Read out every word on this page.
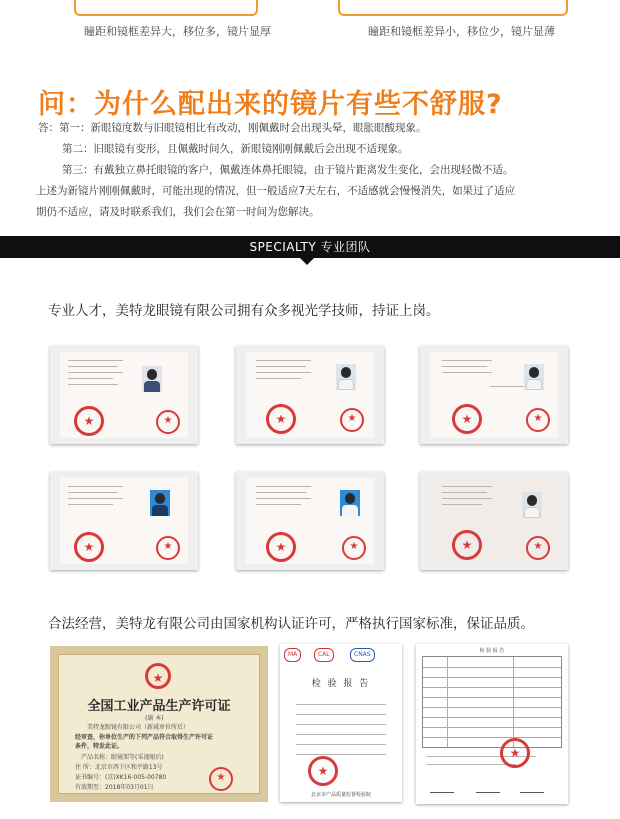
瞳距和镜框差异大，移位多，镜片显厚	瞳距和镜框差异小，移位少，镜片显薄
问：为什么配出来的镜片有些不舒服?
答：第一：新眼镜度数与旧眼镜相比有改动，刚佩戴时会出现头晕，眼胀眼酸现象。
第二：旧眼镜有变形，且佩戴时间久，新眼镜刚刚佩戴后会出现不适现象。
第三：有戴独立鼻托眼镜的客户，佩戴连体鼻托眼镜，由于镜片距离发生变化，会出现轻微不适。
上述为新镜片刚刚佩戴时，可能出现的情况，但一般适应7天左右，不适感就会慢慢消失，如果过了适应
期仍不适应，请及时联系我们，我们会在第一时间为您解决。
SPECIALTY 专业团队
专业人才，美特龙眼镜有限公司拥有众多视光学技师，持证上岗。
★
★
★
★
★
★
★
★
★
★
★
★
合法经营，美特龙有限公司由国家机构认证许可，严格执行国家标准，保证品质。
★
全国工业产品生产许可证
(副 本)
美特龙眼镜有限公司（新减单位所后）
经审查，你单位生产的下列产品符合取得生产许可证
条件，特发此证。
产品名称：眼镜架等(采视眼后)
住 所：北京市西下区和平路13号
证书编号：(京)XK16-005-00780
有效期至：2018年03月01日
★
MA	CAL	CNAS
检 验 报 告
★
北京市产品质量监督检验院
检 验 报 告
★
